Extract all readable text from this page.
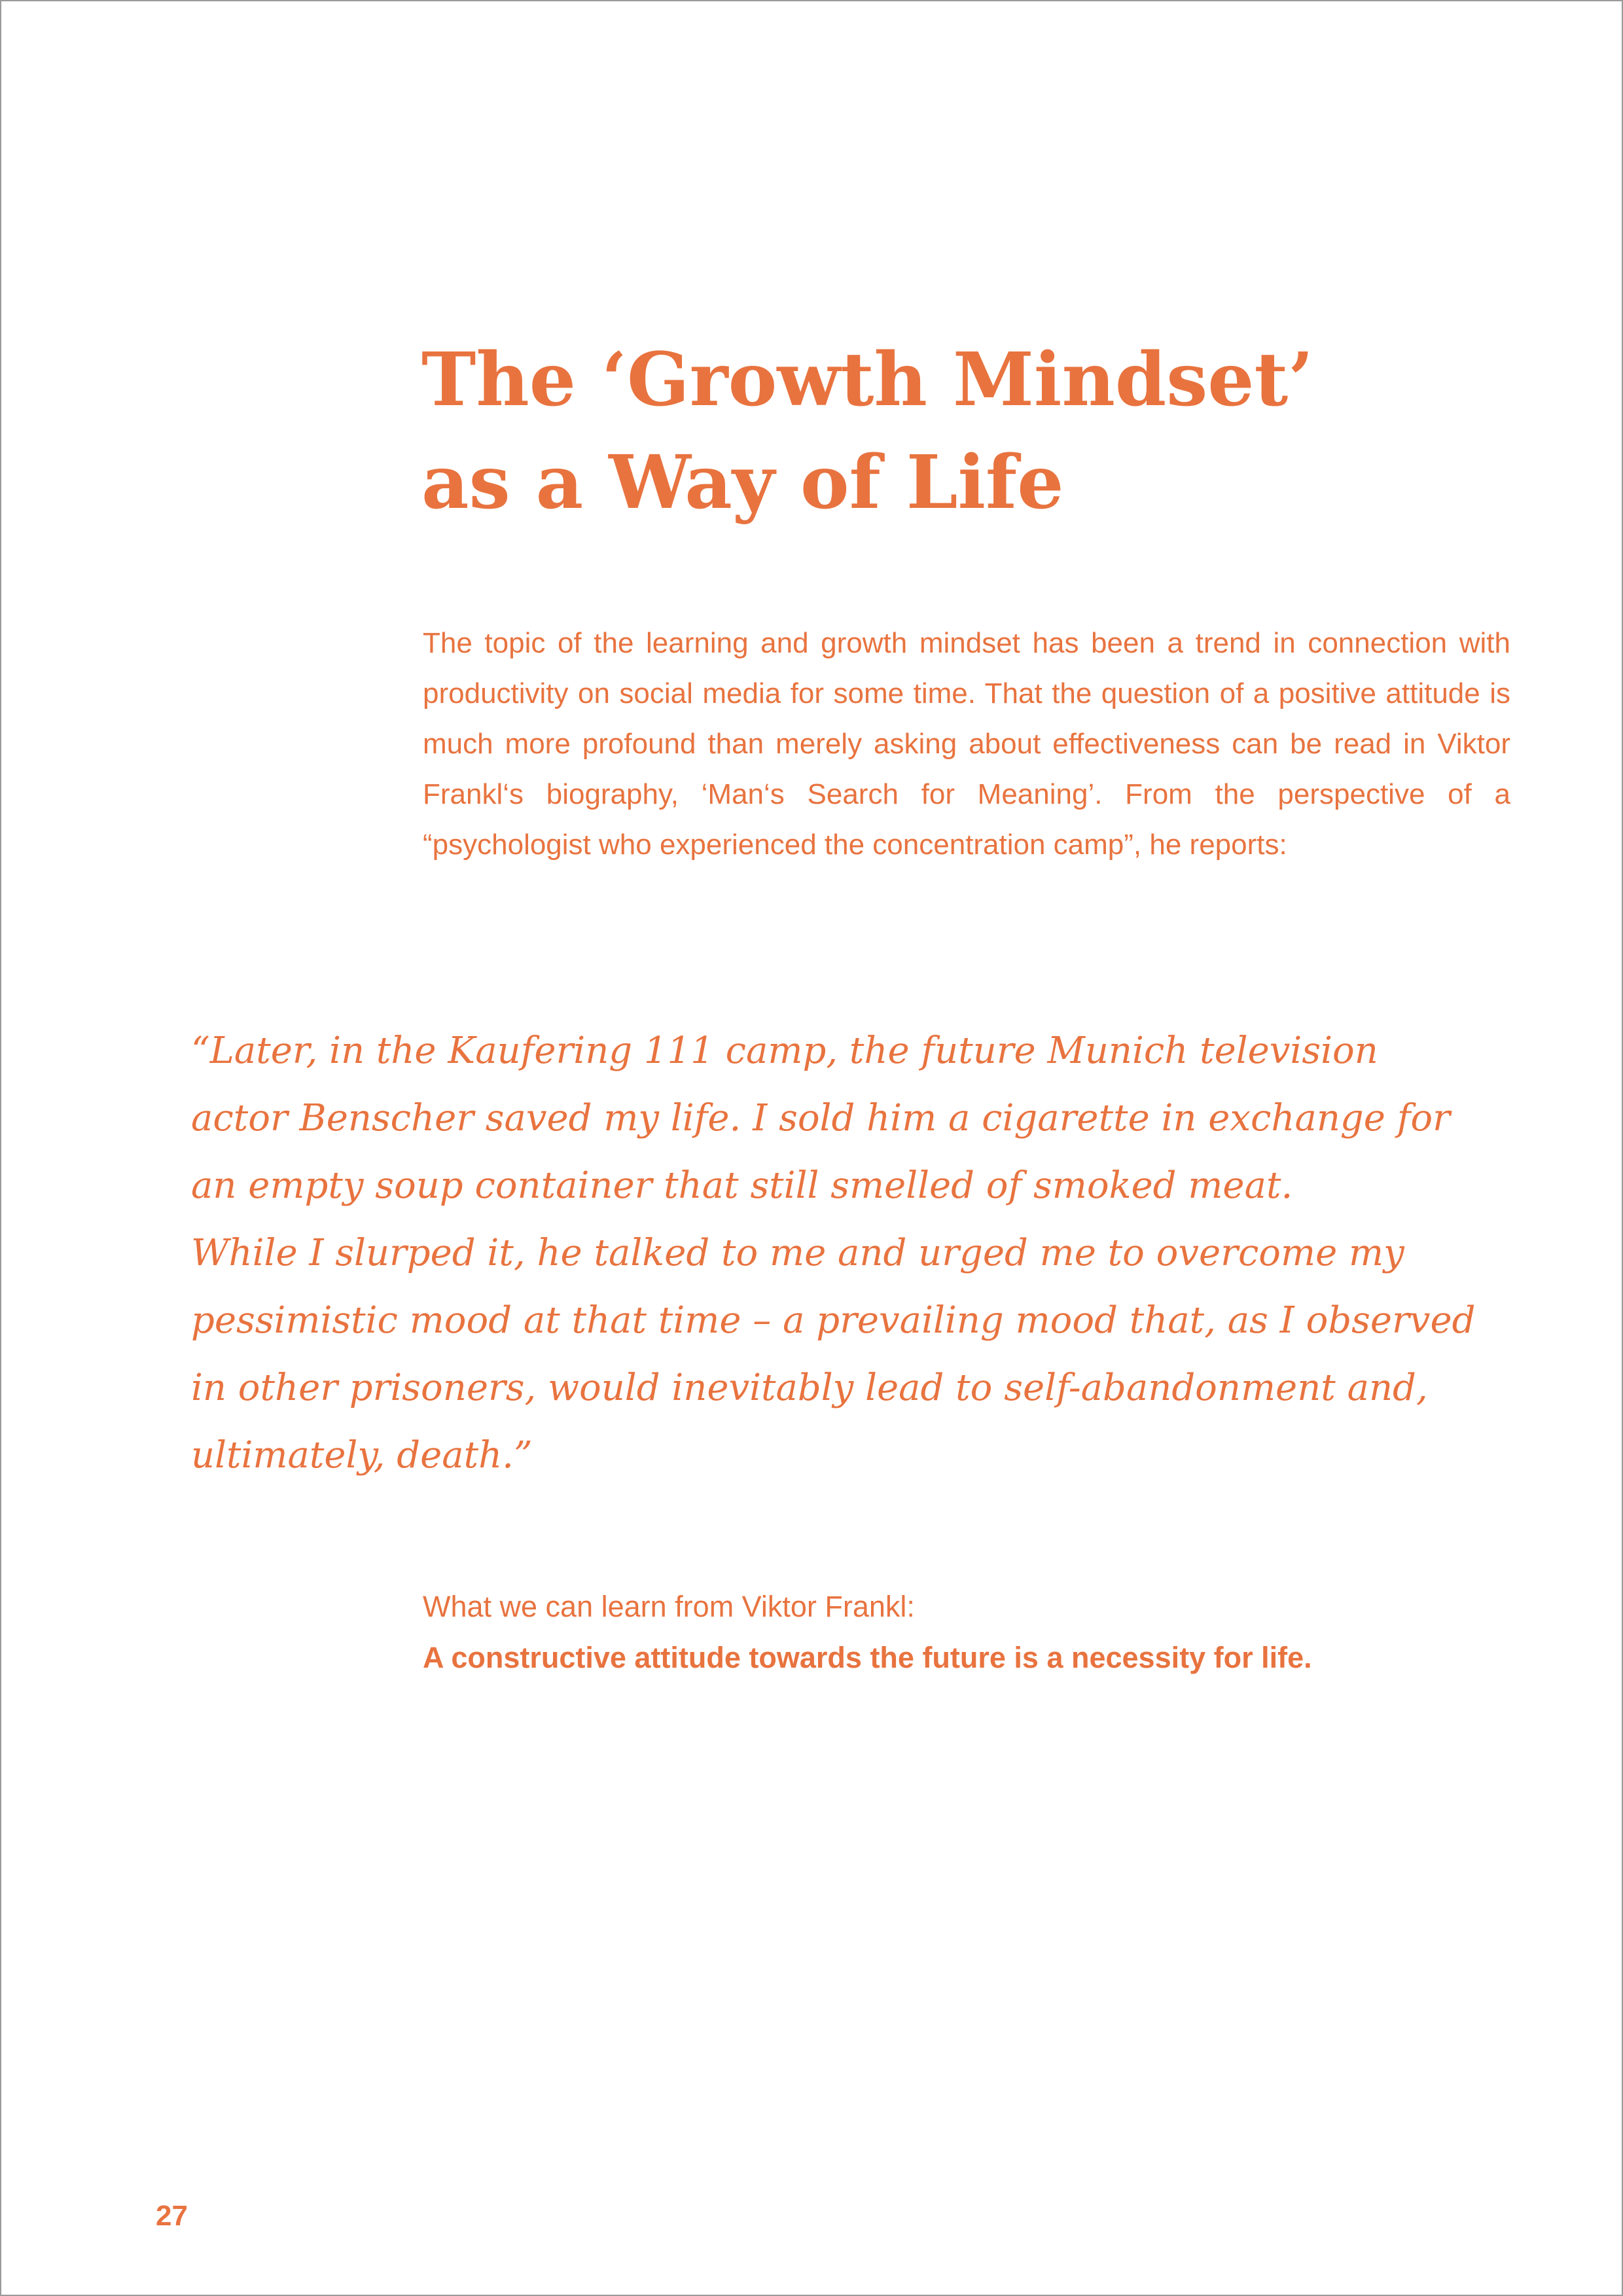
The ‘Growth Mindset’
as a Way of Life

The topic of the learning and growth mindset has been a trend in connection with productivity on social media for some time. That the question of a positive attitude is much more profound than merely asking about effectiveness can be read in Viktor Frankl‘s biography, ‘Man‘s Search for Meaning’. From the perspective of a “psychologist who experienced the concentration camp”, he reports:

“Later, in the Kaufering 111 camp, the future Munich television
actor Benscher saved my life. I sold him a cigarette in exchange for
an empty soup container that still smelled of smoked meat.
While I slurped it, he talked to me and urged me to overcome my
pessimistic mood at that time – a prevailing mood that, as I observed
in other prisoners, would inevitably lead to self-abandonment and,
ultimately, death.”
What we can learn from Viktor Frankl:
A constructive attitude towards the future is a necessity for life.
27
